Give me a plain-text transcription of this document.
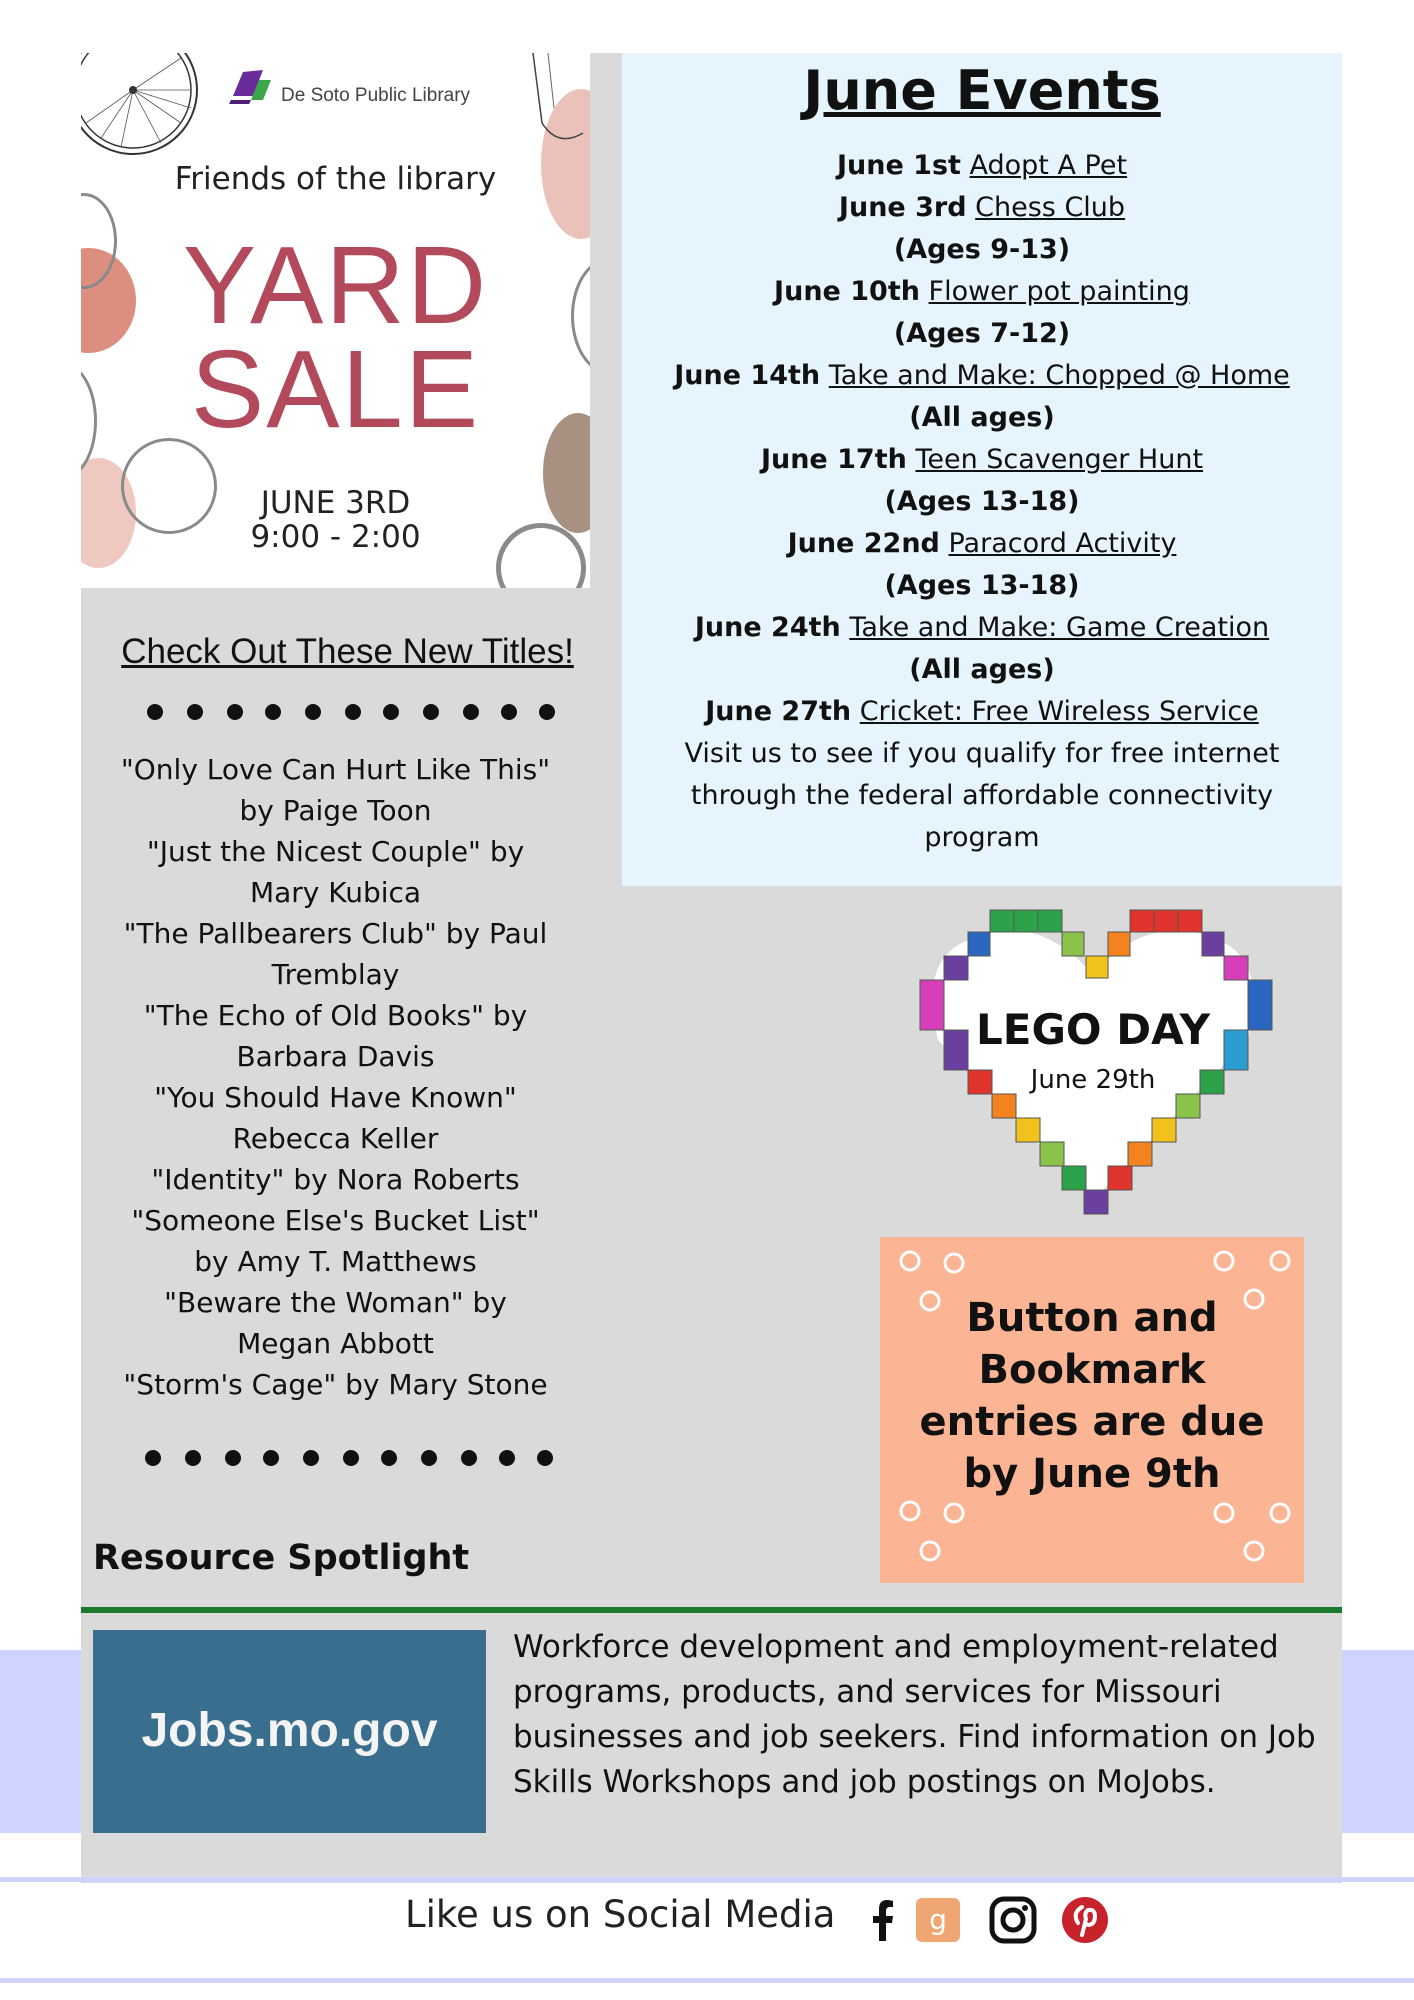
De Soto Public Library
Friends of the library
YARD
SALE
JUNE 3RD
9:00 - 2:00
June Events
June 1st Adopt A Pet
June 3rd Chess Club
(Ages 9-13)
June 10th Flower pot painting
(Ages 7-12)
June 14th Take and Make: Chopped @ Home
(All ages)
June 17th Teen Scavenger Hunt
(Ages 13-18)
June 22nd Paracord Activity
(Ages 13-18)
June 24th Take and Make: Game Creation
(All ages)
June 27th Cricket: Free Wireless Service
Visit us to see if you qualify for free internet
through the federal affordable connectivity
program
Check Out These New Titles!
"Only Love Can Hurt Like This"
by Paige Toon
"Just the Nicest Couple" by
Mary Kubica
"The Pallbearers Club" by Paul
Tremblay
"The Echo of Old Books" by
Barbara Davis
"You Should Have Known"
Rebecca Keller
"Identity" by Nora Roberts
"Someone Else's Bucket List"
by Amy T. Matthews
"Beware the Woman" by
Megan Abbott
"Storm's Cage" by Mary Stone
LEGO DAY
June 29th
Button and
Bookmark
entries are due
by June 9th
Resource Spotlight
Jobs.mo.gov
Workforce development and employment-related
programs, products, and services for Missouri
businesses and job seekers. Find information on Job
Skills Workshops and job postings on MoJobs.
Like us on Social Media	g
